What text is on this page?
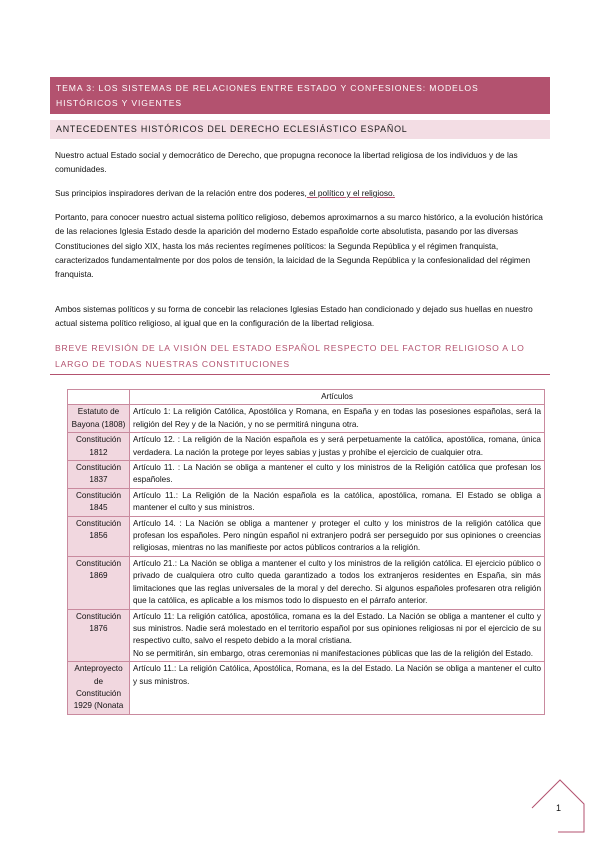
TEMA 3: LOS SISTEMAS DE RELACIONES ENTRE ESTADO Y CONFESIONES: MODELOS HISTÓRICOS Y VIGENTES
ANTECEDENTES HISTÓRICOS DEL DERECHO ECLESIÁSTICO ESPAÑOL
Nuestro actual Estado social y democrático de Derecho, que propugna reconoce la libertad religiosa de los individuos y de las comunidades.
Sus principios inspiradores derivan de la relación entre dos poderes, el político y el religioso.
Portanto, para conocer nuestro actual sistema político religioso, debemos aproximarnos a su marco histórico, a la evolución histórica de las relaciones Iglesia Estado desde la aparición del moderno Estado españolde corte absolutista, pasando por las diversas Constituciones del siglo XIX, hasta los más recientes regímenes políticos: la Segunda República y el régimen franquista, caracterizados fundamentalmente por dos polos de tensión, la laicidad de la Segunda República y la confesionalidad del régimen franquista.
Ambos sistemas políticos y su forma de concebir las relaciones Iglesias Estado han condicionado y dejado sus huellas en nuestro actual sistema político religioso, al igual que en la configuración de la libertad religiosa.
BREVE REVISIÓN DE LA VISIÓN DEL ESTADO ESPAÑOL RESPECTO DEL FACTOR RELIGIOSO A LO LARGO DE TODAS NUESTRAS CONSTITUCIONES
	Artículos
Estatuto de Bayona (1808)	Artículo 1: La religión Católica, Apostólica y Romana, en España y en todas las posesiones españolas, será la religión del Rey y de la Nación, y no se permitirá ninguna otra.
Constitución 1812	Artículo 12. : La religión de la Nación española es y será perpetuamente la católica, apostólica, romana, única verdadera. La nación la protege por leyes sabias y justas y prohíbe el ejercicio de cualquier otra.
Constitución 1837	Artículo 11. : La Nación se obliga a mantener el culto y los ministros de la Religión católica que profesan los españoles.
Constitución 1845	Artículo 11.: La Religión de la Nación española es la católica, apostólica, romana. El Estado se obliga a mantener el culto y sus ministros.
Constitución 1856	Artículo 14. : La Nación se obliga a mantener y proteger el culto y los ministros de la religión católica que profesan los españoles. Pero ningún español ni extranjero podrá ser perseguido por sus opiniones o creencias religiosas, mientras no las manifieste por actos públicos contrarios a la religión.
Constitución 1869	Artículo 21.: La Nación se obliga a mantener el culto y los ministros de la religión católica. El ejercicio público o privado de cualquiera otro culto queda garantizado a todos los extranjeros residentes en España, sin más limitaciones que las reglas universales de la moral y del derecho. Si algunos españoles profesaren otra religión que la católica, es aplicable a los mismos todo lo dispuesto en el párrafo anterior.
Constitución 1876	Artículo 11: La religión católica, apostólica, romana es la del Estado. La Nación se obliga a mantener el culto y sus ministros. Nadie será molestado en el territorio español por sus opiniones religiosas ni por el ejercicio de su respectivo culto, salvo el respeto debido a la moral cristiana.
No se permitirán, sin embargo, otras ceremonias ni manifestaciones públicas que las de la religión del Estado.

Anteproyecto de Constitución 1929 (Nonata	Artículo 11.: La religión Católica, Apostólica, Romana, es la del Estado. La Nación se obliga a mantener el culto y sus ministros.
1
